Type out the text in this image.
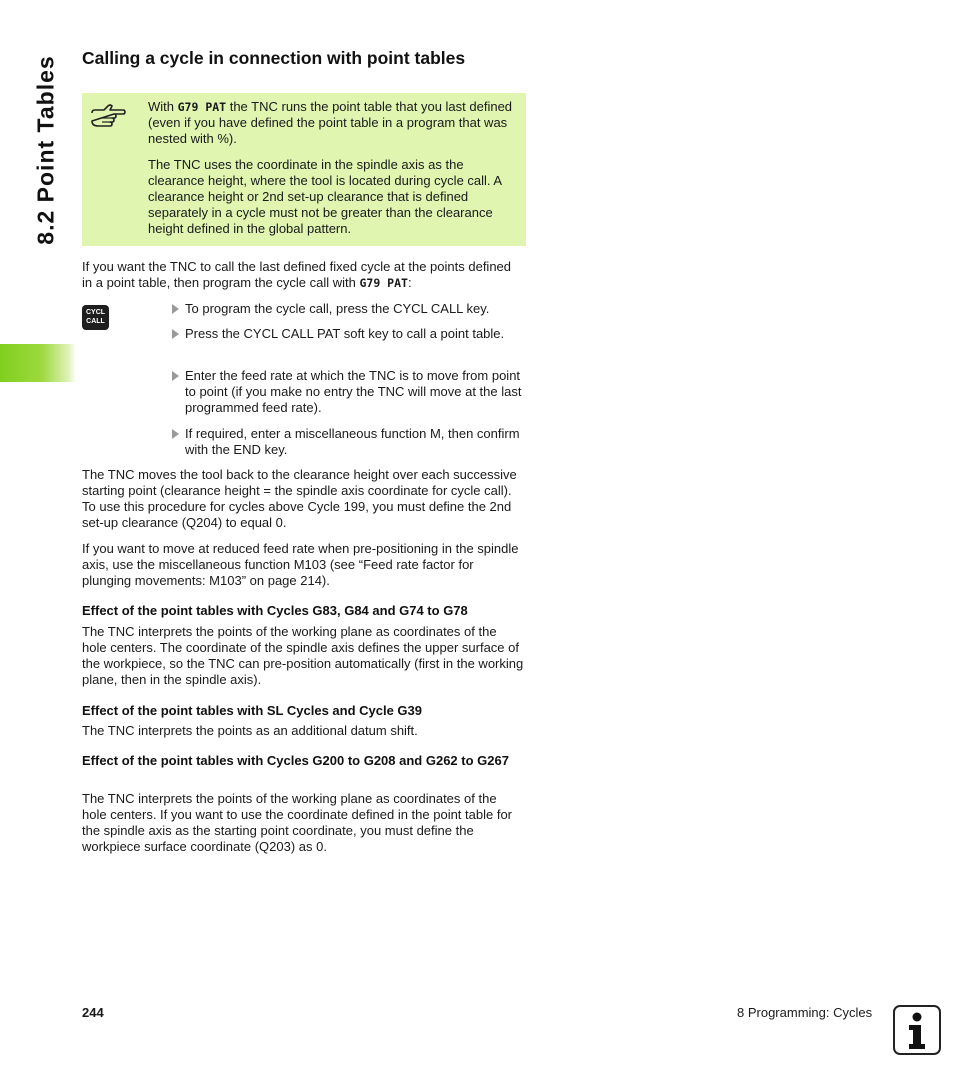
8.2 Point Tables Calling a cycle in connection with point tables

With G79 PAT the TNC runs the point table that you last defined (even if you have defined the point table in a program that was nested with %).

The TNC uses the coordinate in the spindle axis as the clearance height, where the tool is located during cycle call. A clearance height or 2nd set-up clearance that is defined separately in a cycle must not be greater than the clearance height defined in the global pattern.

If you want the TNC to call the last defined fixed cycle at the points defined in a point table, then program the cycle call with G79 PAT:

CYCL
CALL
To program the cycle call, press the CYCL CALL key.
Press the CYCL CALL PAT soft key to call a point table.
Enter the feed rate at which the TNC is to move from point to point (if you make no entry the TNC will move at the last programmed feed rate).
If required, enter a miscellaneous function M, then confirm with the END key.

The TNC moves the tool back to the clearance height over each successive starting point (clearance height = the spindle axis coordinate for cycle call). To use this procedure for cycles above Cycle 199, you must define the 2nd set-up clearance (Q204) to equal 0.

If you want to move at reduced feed rate when pre-positioning in the spindle axis, use the miscellaneous function M103 (see “Feed rate factor for plunging movements: M103” on page 214).

Effect of the point tables with Cycles G83, G84 and G74 to G78

The TNC interprets the points of the working plane as coordinates of the hole centers. The coordinate of the spindle axis defines the upper surface of the workpiece, so the TNC can pre-position automatically (first in the working plane, then in the spindle axis).

Effect of the point tables with SL Cycles and Cycle G39

The TNC interprets the points as an additional datum shift.

Effect of the point tables with Cycles G200 to G208 and G262 to G267

The TNC interprets the points of the working plane as coordinates of the hole centers. If you want to use the coordinate defined in the point table for the spindle axis as the starting point coordinate, you must define the workpiece surface coordinate (Q203) as 0.

244	8 Programming: Cycles
